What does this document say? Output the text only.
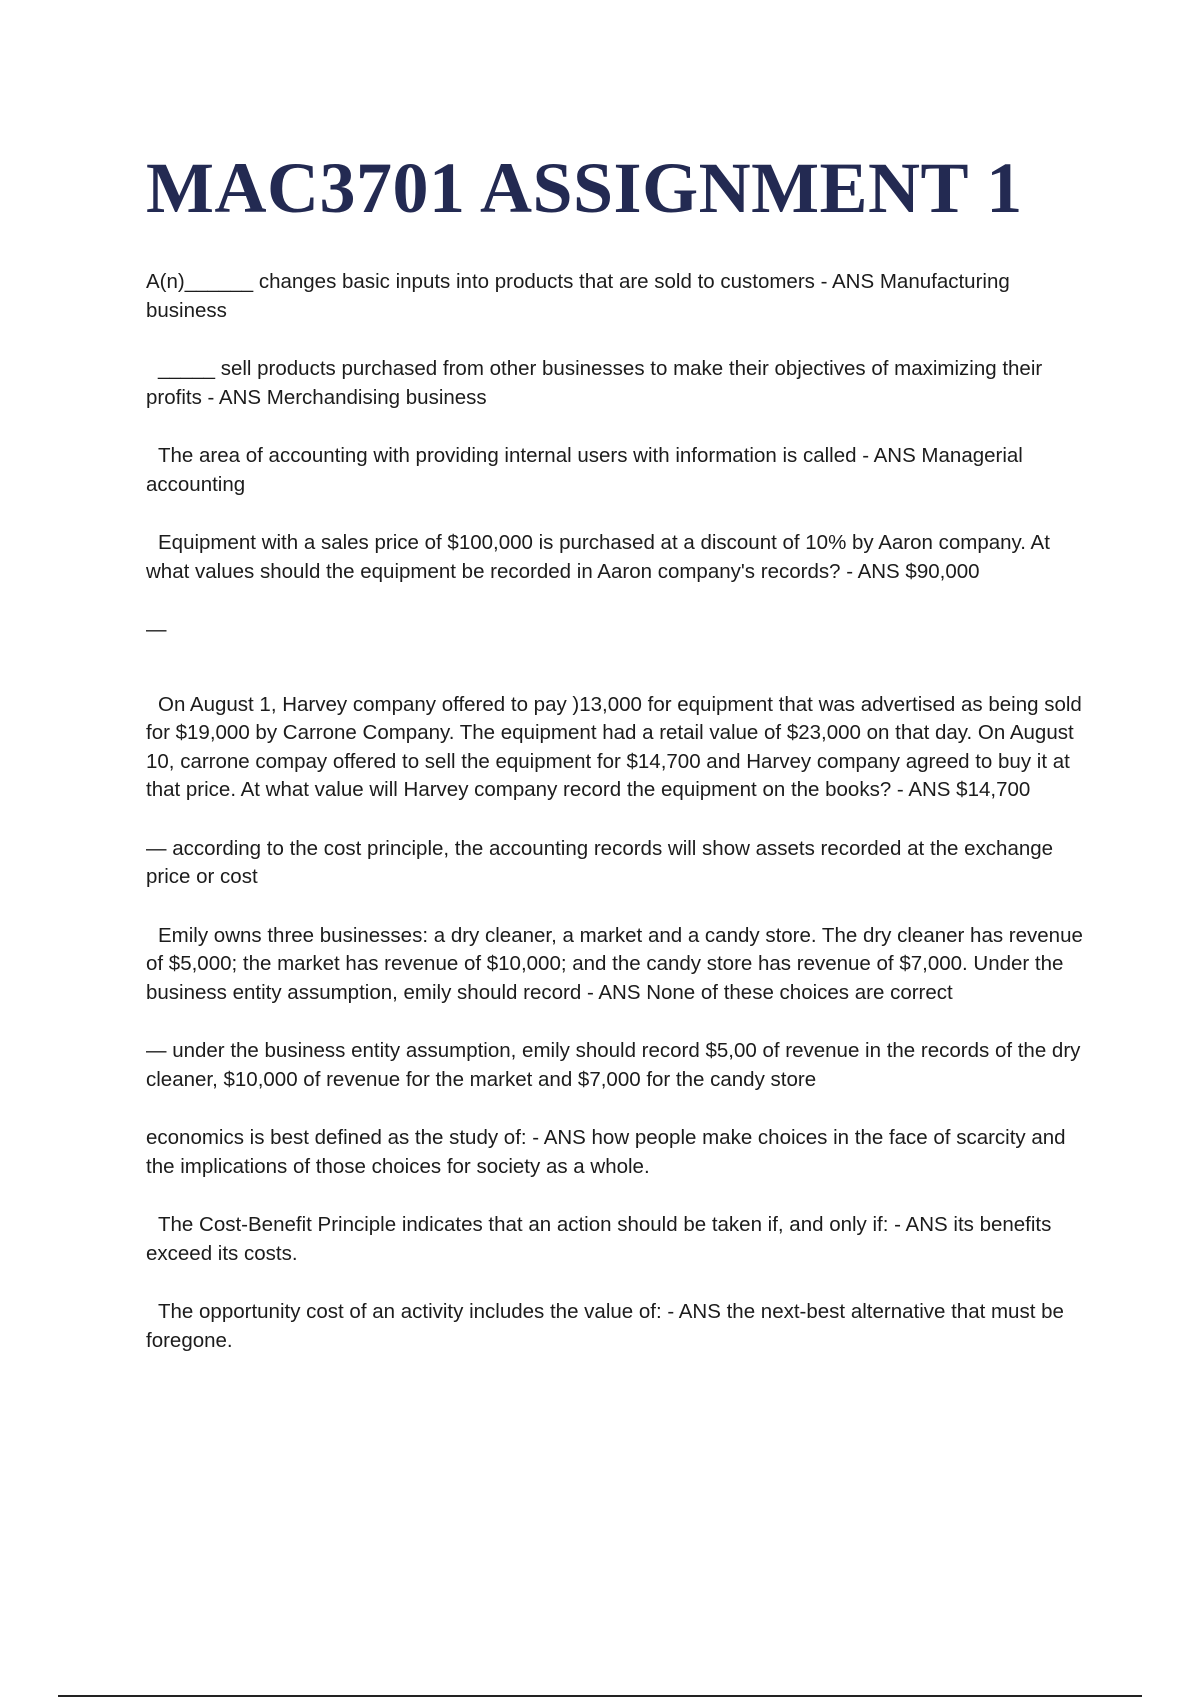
MAC3701 ASSIGNMENT 1

A(n)______ changes basic inputs into products that are sold to customers - ANS Manufacturing business

_____ sell products purchased from other businesses to make their objectives of maximizing their profits - ANS Merchandising business

The area of accounting with providing internal users with information is called - ANS Managerial accounting

Equipment with a sales price of $100,000 is purchased at a discount of 10% by Aaron company. At what values should the equipment be recorded in Aaron company's records? - ANS $90,000

—

On August 1, Harvey company offered to pay )13,000 for equipment that was advertised as being sold for $19,000 by Carrone Company. The equipment had a retail value of $23,000 on that day. On August 10, carrone compay offered to sell the equipment for $14,700 and Harvey company agreed to buy it at that price. At what value will Harvey company record the equipment on the books? - ANS $14,700

— according to the cost principle, the accounting records will show assets recorded at the exchange price or cost

Emily owns three businesses: a dry cleaner, a market and a candy store. The dry cleaner has revenue of $5,000; the market has revenue of $10,000; and the candy store has revenue of $7,000. Under the business entity assumption, emily should record - ANS None of these choices are correct

— under the business entity assumption, emily should record $5,00 of revenue in the records of the dry cleaner, $10,000 of revenue for the market and $7,000 for the candy store

economics is best defined as the study of: - ANS how people make choices in the face of scarcity and the implications of those choices for society as a whole.

The Cost-Benefit Principle indicates that an action should be taken if, and only if: - ANS its benefits exceed its costs.

The opportunity cost of an activity includes the value of: - ANS the next-best alternative that must be foregone.
